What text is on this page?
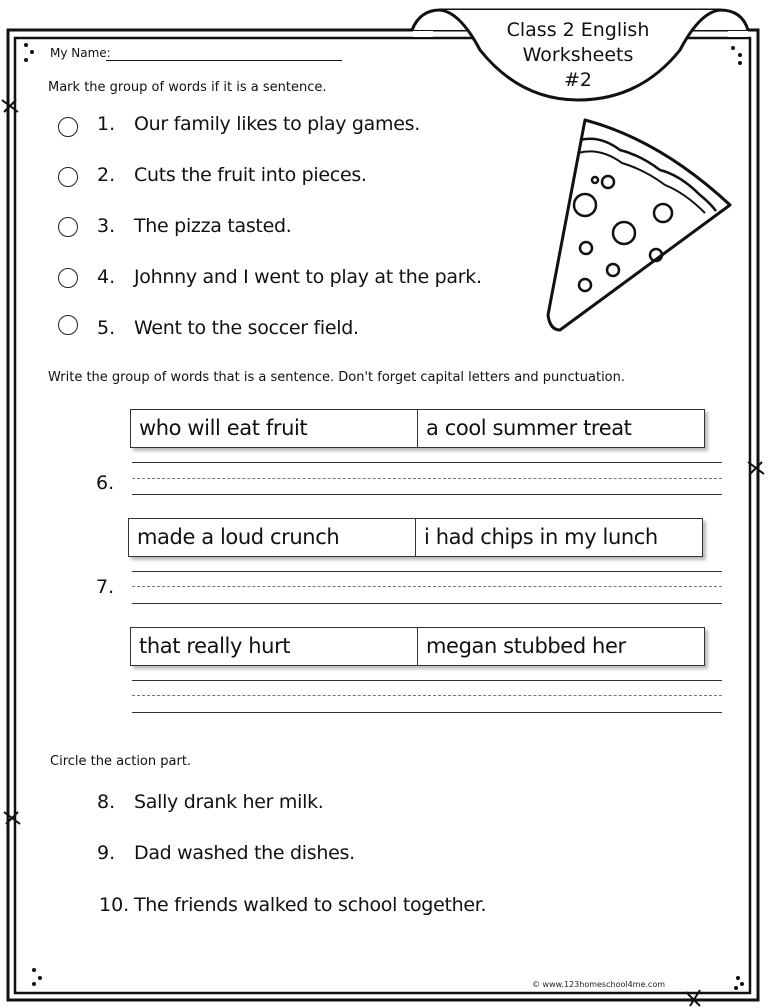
Class 2 English
Worksheets
#2
My Name:
Mark the group of words if it is a sentence.
1. Our family likes to play games.
2. Cuts the fruit into pieces.
3. The pizza tasted.
4. Johnny and I went to play at the park.
5. Went to the soccer field.
Write the group of words that is a sentence. Don't forget capital letters and punctuation.
who will eat fruit	a cool summer treat
6.
made a loud crunch	i had chips in my lunch
7.
that really hurt	megan stubbed her
Circle the action part.
8. Sally drank her milk.
9. Dad washed the dishes.
10. The friends walked to school together.
© www.123homeschool4me.com
